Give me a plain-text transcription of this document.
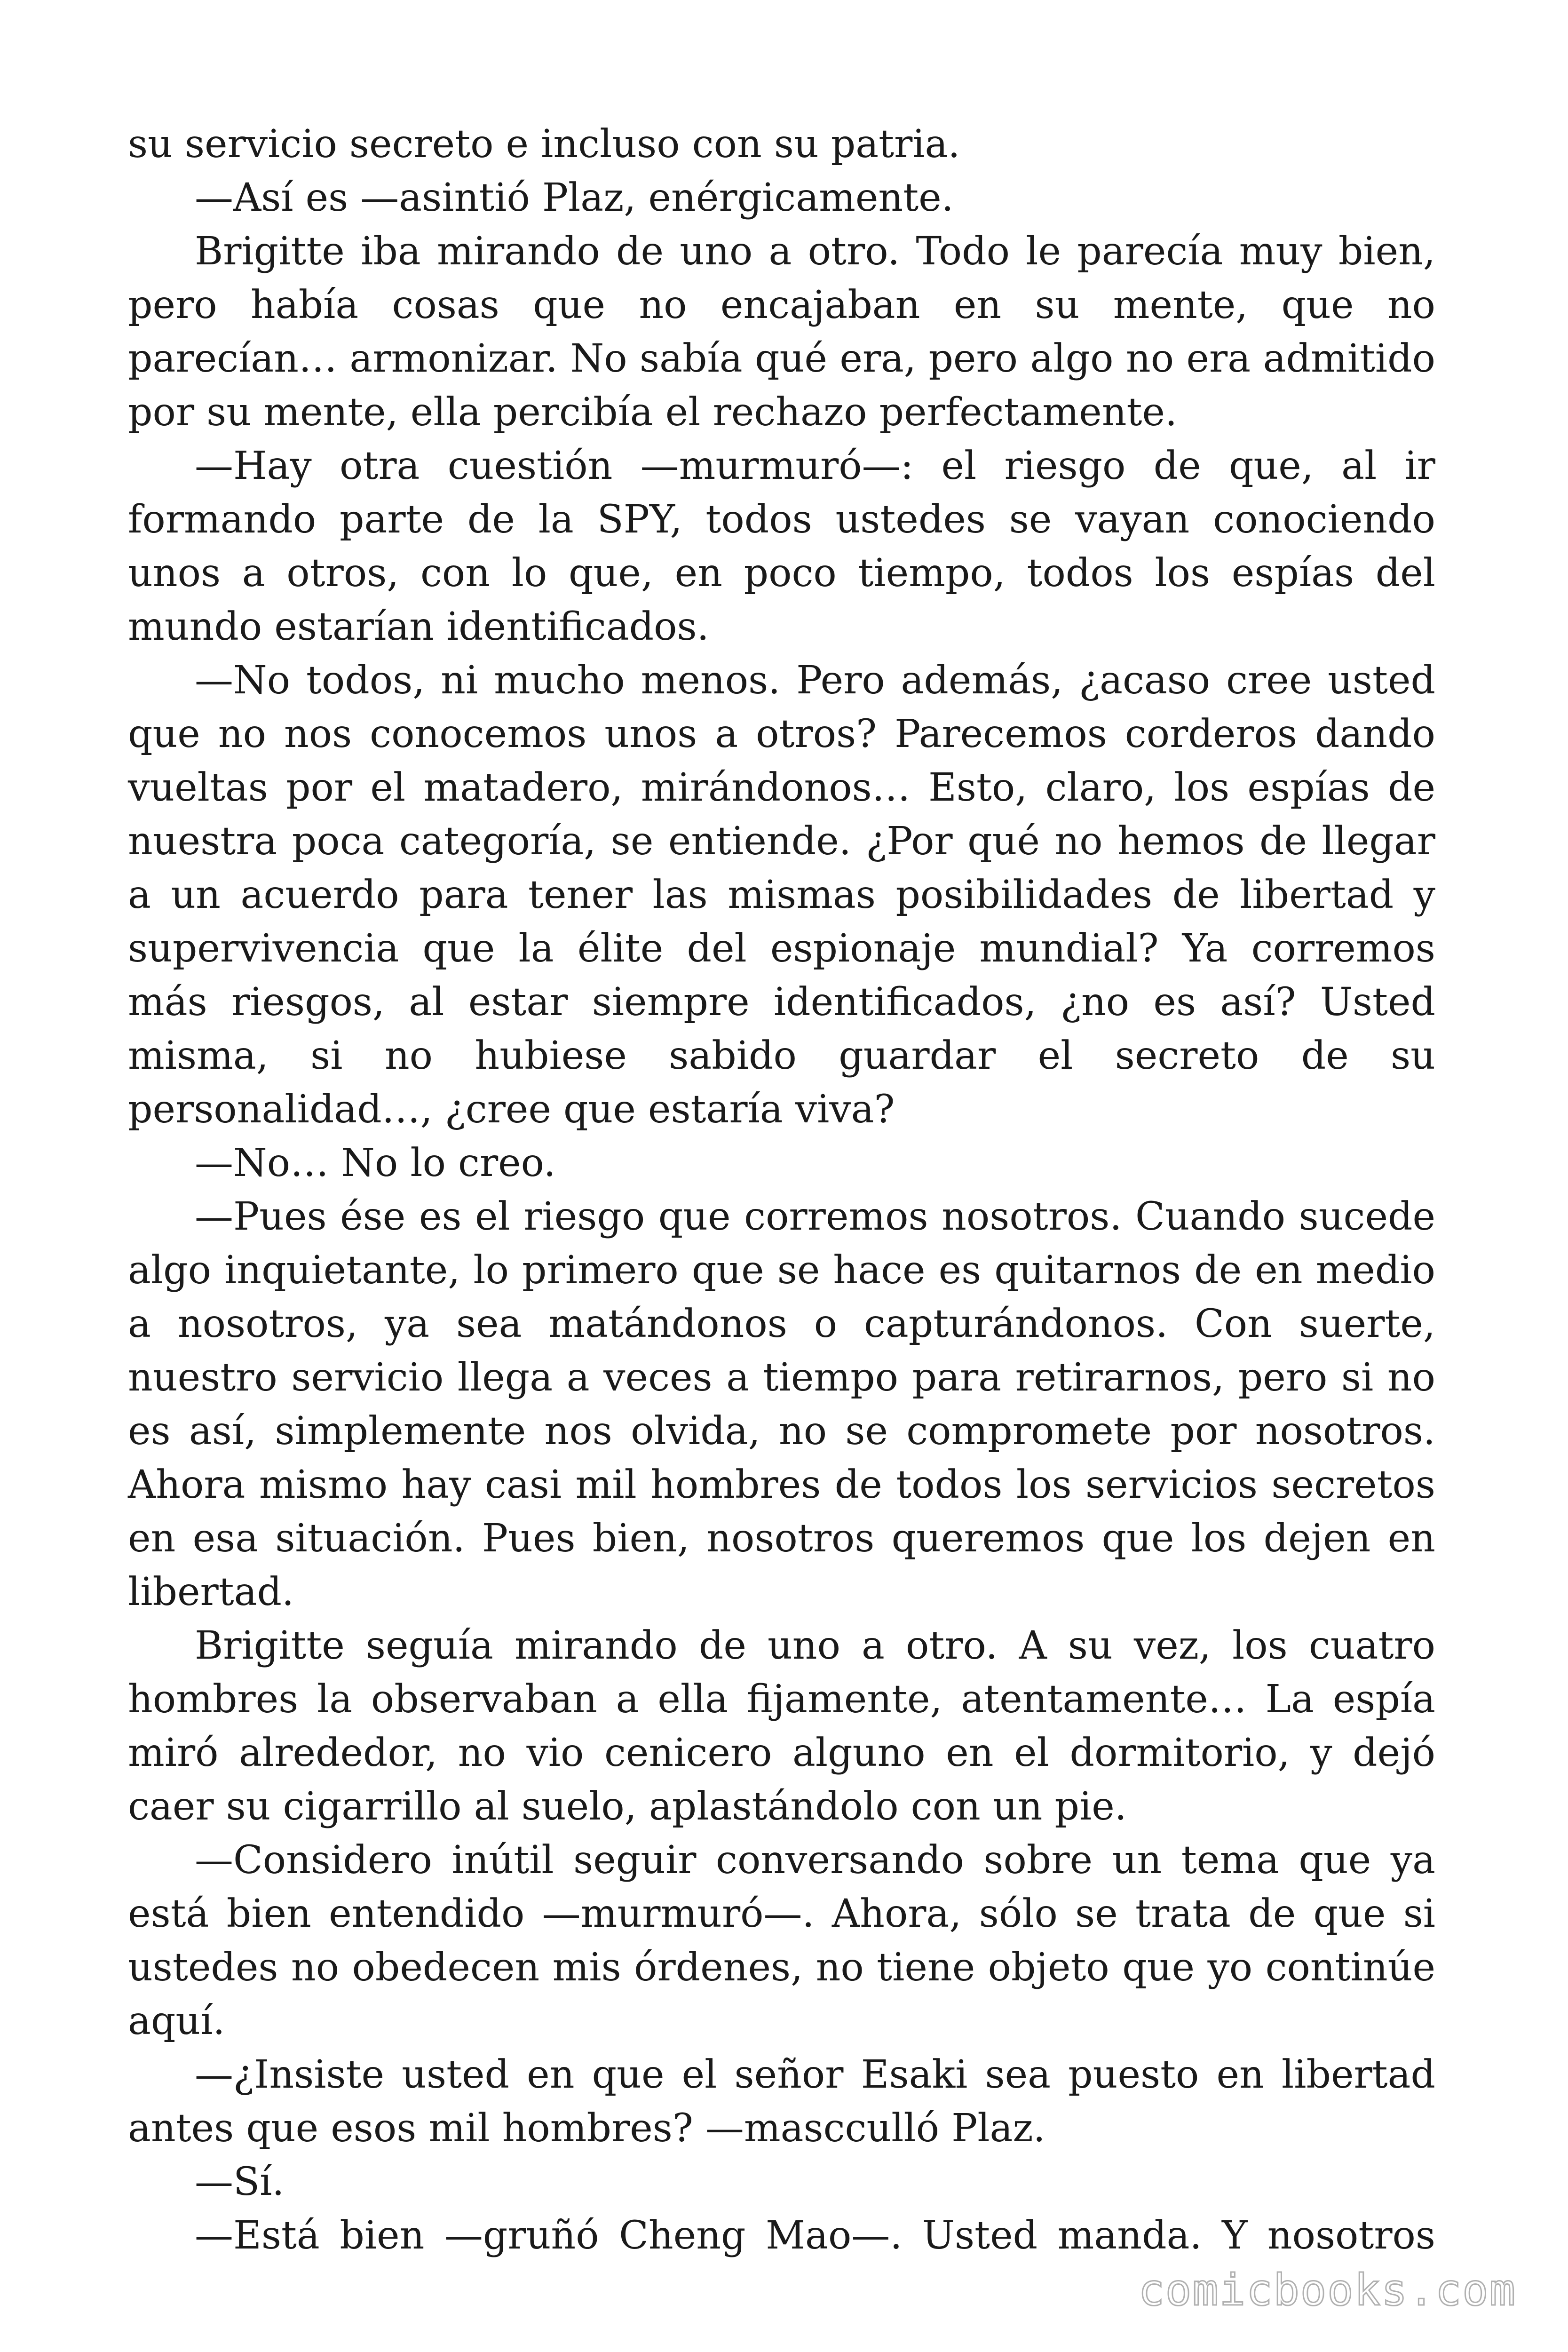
su servicio secreto e incluso con su patria.

—Así es —asintió Plaz, enérgicamente.

Brigitte iba mirando de uno a otro. Todo le parecía muy bien, pero había cosas que no encajaban en su mente, que no parecían… armonizar. No sabía qué era, pero algo no era admitido por su mente, ella percibía el rechazo perfectamente.

—Hay otra cuestión —murmuró—: el riesgo de que, al ir formando parte de la SPY, todos ustedes se vayan conociendo unos a otros, con lo que, en poco tiempo, todos los espías del mundo estarían identificados.

—No todos, ni mucho menos. Pero además, ¿acaso cree usted que no nos conocemos unos a otros? Parecemos corderos dando vueltas por el matadero, mirándonos… Esto, claro, los espías de nuestra poca categoría, se entiende. ¿Por qué no hemos de llegar a un acuerdo para tener las mismas posibilidades de libertad y supervivencia que la élite del espionaje mundial? Ya corremos más riesgos, al estar siempre identificados, ¿no es así? Usted misma, si no hubiese sabido guardar el secreto de su personalidad…, ¿cree que estaría viva?

—No… No lo creo.

—Pues ése es el riesgo que corremos nosotros. Cuando sucede algo inquietante, lo primero que se hace es quitarnos de en medio a nosotros, ya sea matándonos o capturándonos. Con suerte, nuestro servicio llega a veces a tiempo para retirarnos, pero si no es así, simplemente nos olvida, no se compromete por nosotros. Ahora mismo hay casi mil hombres de todos los servicios secretos en esa situación. Pues bien, nosotros queremos que los dejen en libertad.

Brigitte seguía mirando de uno a otro. A su vez, los cuatro hombres la observaban a ella fijamente, atentamente… La espía miró alrededor, no vio cenicero alguno en el dormitorio, y dejó caer su cigarrillo al suelo, aplastándolo con un pie.

—Considero inútil seguir conversando sobre un tema que ya está bien entendido —murmuró—. Ahora, sólo se trata de que si ustedes no obedecen mis órdenes, no tiene objeto que yo continúe aquí.

—¿Insiste usted en que el señor Esaki sea puesto en libertad antes que esos mil hombres? —mascculló Plaz.

—Sí.

—Está bien —gruñó Cheng Mao—. Usted manda. Y nosotros

comicbooks.com
